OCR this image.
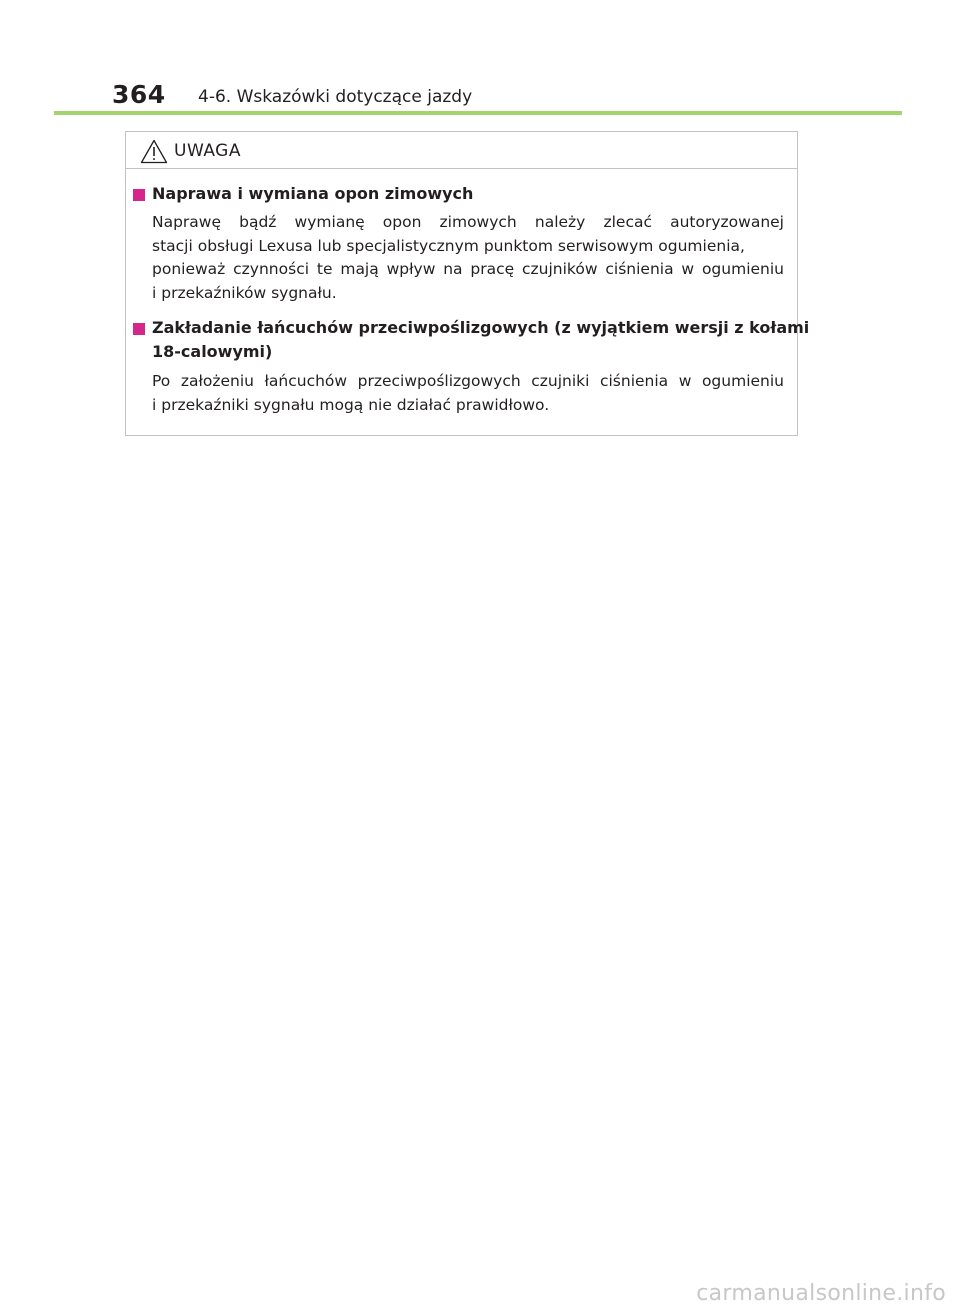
364 4-6. Wskazówki dotyczące jazdy
UWAGA
Naprawa i wymiana opon zimowych
Naprawę bądź wymianę opon zimowych należy zlecać autoryzowanej
stacji obsługi Lexusa lub specjalistycznym punktom serwisowym ogumienia,
ponieważ czynności te mają wpływ na pracę czujników ciśnienia w ogumieniu
i przekaźników sygnału.
Zakładanie łańcuchów przeciwpoślizgowych (z wyjątkiem wersji z kołami
18-calowymi)
Po założeniu łańcuchów przeciwpoślizgowych czujniki ciśnienia w ogumieniu
i przekaźniki sygnału mogą nie działać prawidłowo.
carmanualsonline.info
